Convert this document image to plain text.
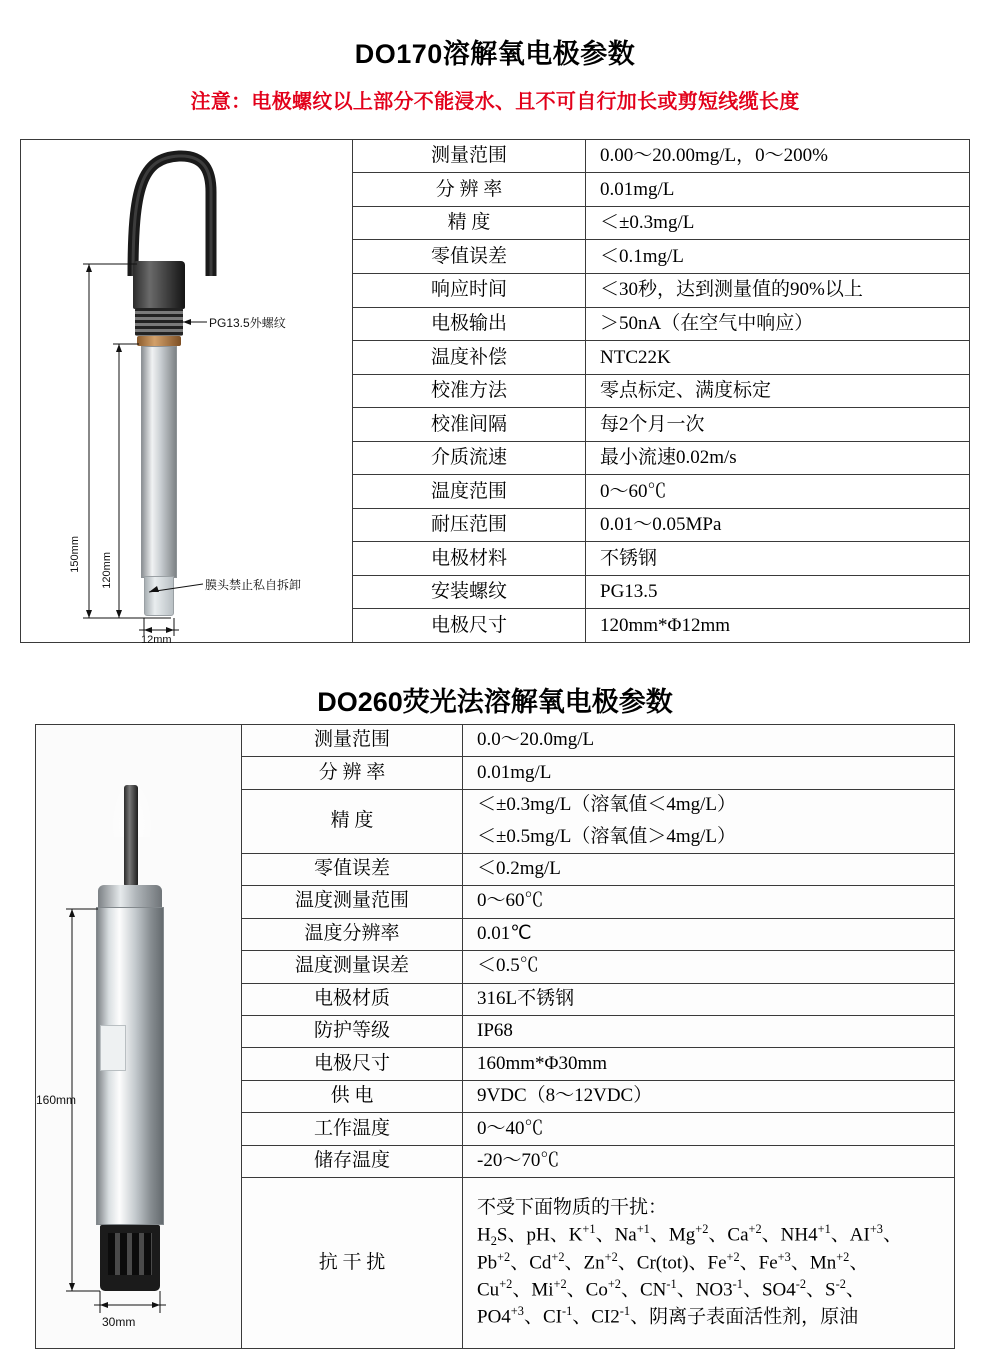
DO170溶解氧电极参数

注意：电极螺纹以上部分不能浸水、且不可自行加长或剪短线缆长度

150mm 120mm
12mm
PG13.5外螺纹
膜头禁止私自拆卸
测量范围	0.00～20.00mg/L，0～200%
分 辨 率	0.01mg/L
精 度	＜±0.3mg/L
零值误差	＜0.1mg/L
响应时间	＜30秒，达到测量值的90%以上
电极输出	＞50nA（在空气中响应）
温度补偿	NTC22K
校准方法	零点标定、满度标定
校准间隔	每2个月一次
介质流速	最小流速0.02m/s
温度范围	0～60℃
耐压范围	0.01～0.05MPa
电极材料	不锈钢
安装螺纹	PG13.5
电极尺寸	120mm*Φ12mm
DO260荧光法溶解氧电极参数
160mm
30mm
测量范围	0.0～20.0mg/L
分 辨 率	0.01mg/L
精 度	＜±0.3mg/L（溶氧值＜4mg/L）
	＜±0.5mg/L（溶氧值＞4mg/L）
零值误差	＜0.2mg/L
温度测量范围	0～60℃
温度分辨率	0.01℃
温度测量误差	＜0.5℃
电极材质	316L不锈钢
防护等级	IP68
电极尺寸	160mm*Φ30mm
供 电	9VDC（8～12VDC）
工作温度	0～40℃
储存温度	-20～70℃
抗 干 扰	不受下面物质的干扰：
$H_2S$、pH、$K^{+1}$、$Na^{+1}$、$Mg^{+2}$、$Ca^{+2}$、$NH4^{+1}$、$AI^{+3}$、
$Pb^{+2}$、$Cd^{+2}$、$Zn^{+2}$、Cr(tot)、$Fe^{+2}$、$Fe^{+3}$、$Mn^{+2}$、
$Cu^{+2}$、$Mi^{+2}$、$Co^{+2}$、$CN^{-1}$、$NO3^{-1}$、$SO4^{-2}$、$S^{-2}$、
$PO4^{+3}$、$CI^{-1}$、$CI2^{-1}$、阴离子表面活性剂，原油
